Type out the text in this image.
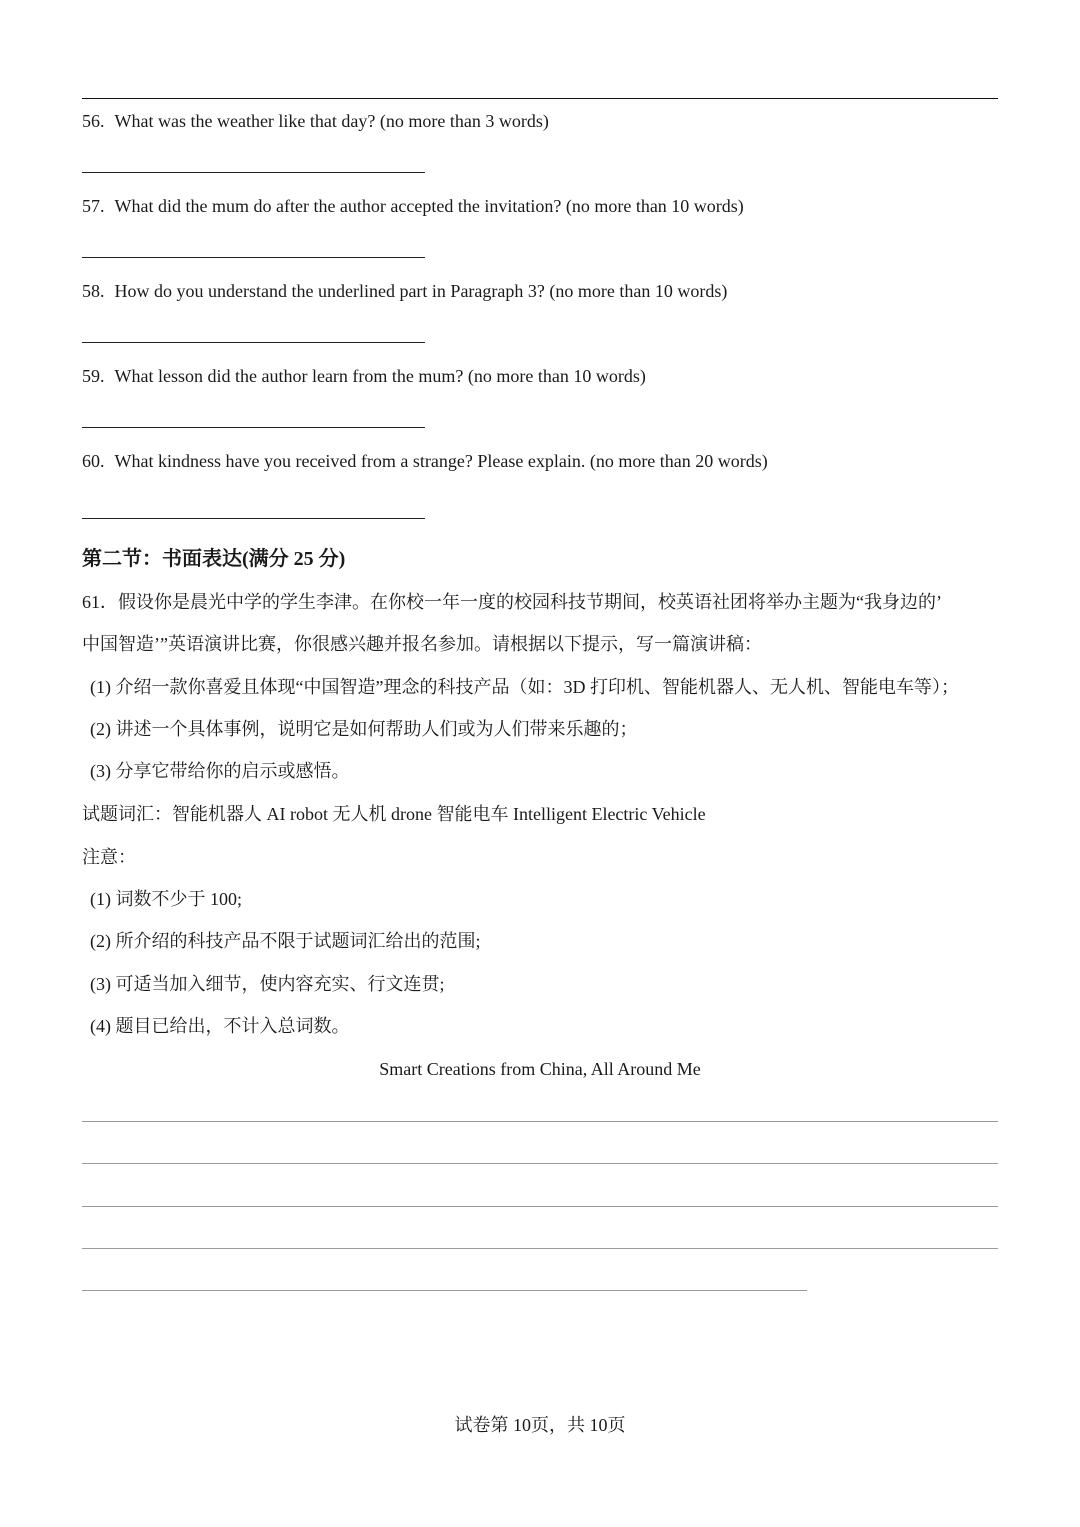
56. What was the weather like that day? (no more than 3 words)
57. What did the mum do after the author accepted the invitation? (no more than 10 words)
58. How do you understand the underlined part in Paragraph 3? (no more than 10 words)
59. What lesson did the author learn from the mum? (no more than 10 words)
60. What kindness have you received from a strange? Please explain. (no more than 20 words)
第二节：书面表达(满分 25 分)
61．假设你是晨光中学的学生李津。在你校一年一度的校园科技节期间，校英语社团将举办主题为“我身边的’
中国智造’”英语演讲比赛，你很感兴趣并报名参加。请根据以下提示，写一篇演讲稿：
(1) 介绍一款你喜爱且体现“中国智造”理念的科技产品（如：3D 打印机、智能机器人、无人机、智能电车等）；
(2) 讲述一个具体事例，说明它是如何帮助人们或为人们带来乐趣的；
(3) 分享它带给你的启示或感悟。
试题词汇：智能机器人 AI robot 无人机 drone 智能电车 Intelligent Electric Vehicle
注意：
(1) 词数不少于 100;
(2) 所介绍的科技产品不限于试题词汇给出的范围;
(3) 可适当加入细节，使内容充实、行文连贯;
(4) 题目已给出，不计入总词数。
Smart Creations from China, All Around Me
试卷第 10页，共 10页
